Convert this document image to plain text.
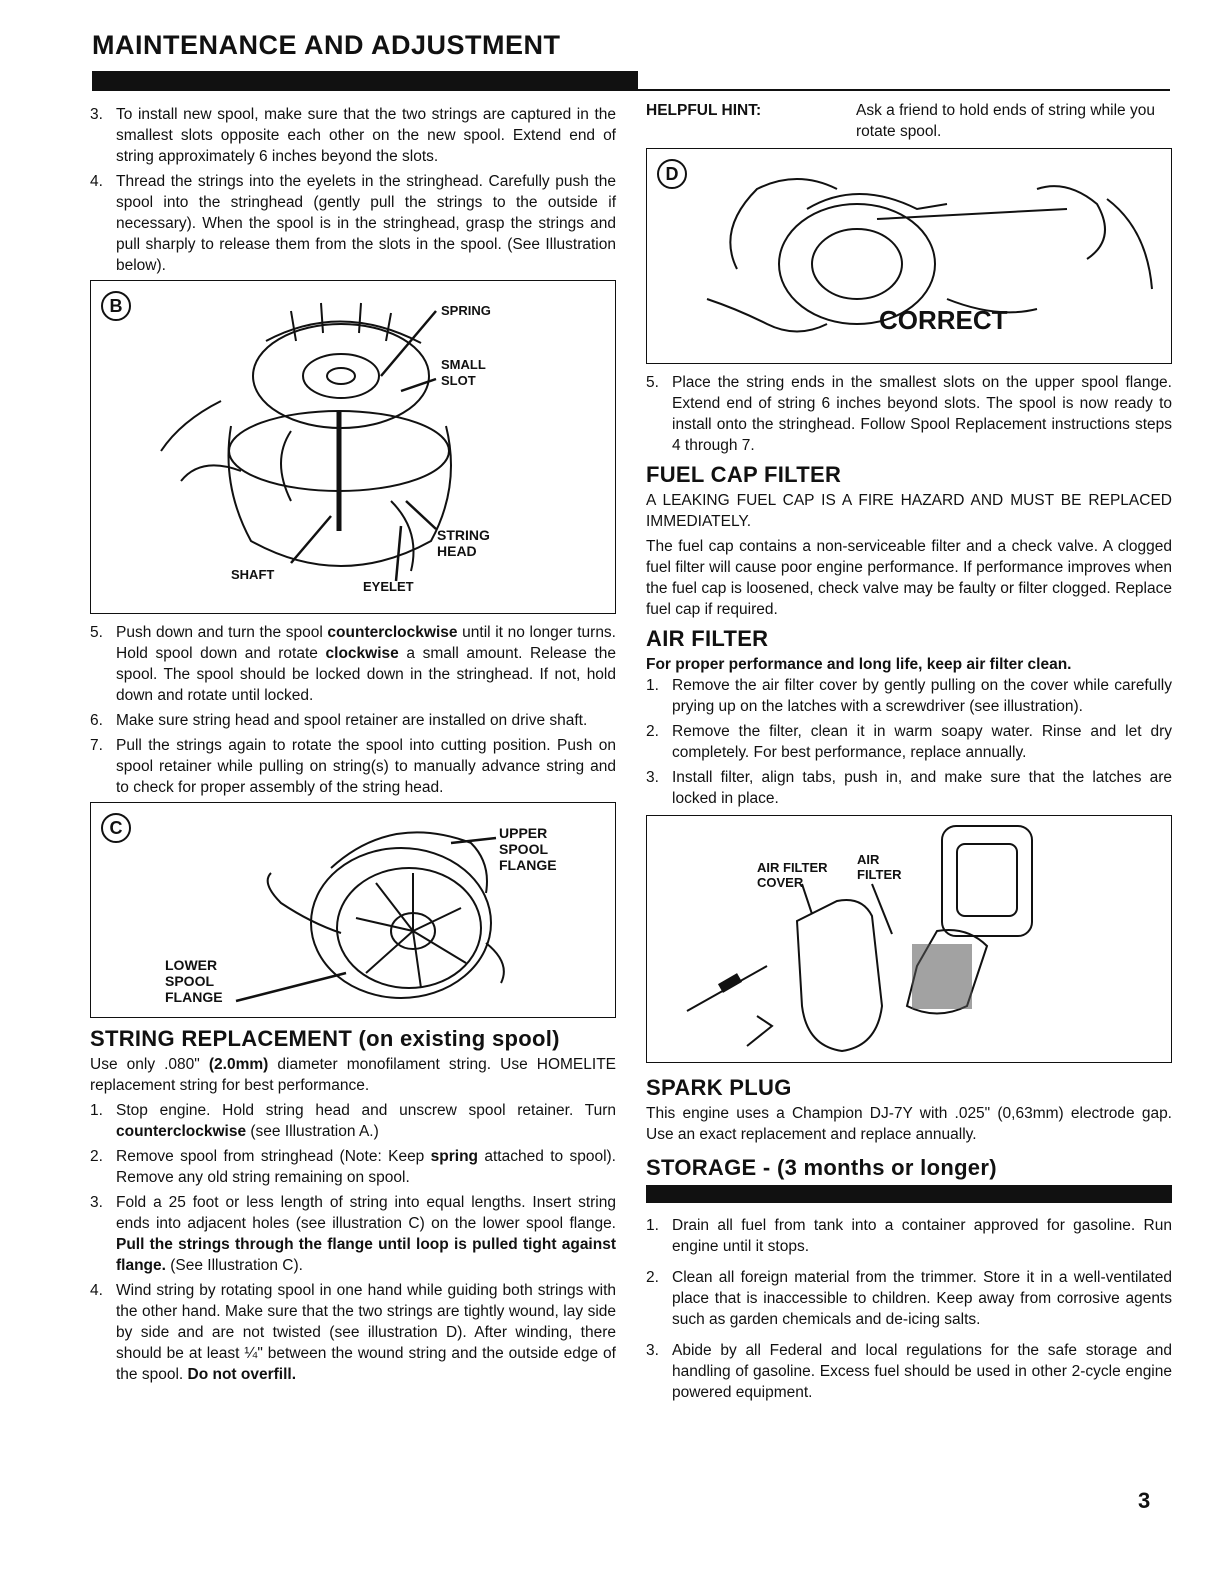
MAINTENANCE AND ADJUSTMENT
3. To install new spool, make sure that the two strings are captured in the smallest slots opposite each other on the new spool. Extend end of string approximately 6 inches beyond the slots.
4. Thread the strings into the eyelets in the stringhead. Carefully push the spool into the stringhead (gently pull the strings to the outside if necessary). When the spool is in the stringhead, grasp the strings and pull sharply to release them from the slots in the spool. (See Illustration below).
B	SPRING
SMALL
SLOT
STRING
HEAD
SHAFT
EYELET
5. Push down and turn the spool counterclockwise until it no longer turns. Hold spool down and rotate clockwise a small amount. Release the spool. The spool should be locked down in the stringhead. If not, hold down and rotate until locked.
6. Make sure string head and spool retainer are installed on drive shaft.
7. Pull the strings again to rotate the spool into cutting position. Push on spool retainer while pulling on string(s) to manually advance string and to check for proper assembly of the string head.
C	UPPER
SPOOL
FLANGE
LOWER
SPOOL
FLANGE
STRING REPLACEMENT (on existing spool)
Use only .080" (2.0mm) diameter monofilament string. Use HOMELITE replacement string for best performance.
1. Stop engine. Hold string head and unscrew spool retainer. Turn counterclockwise (see Illustration A.)
2. Remove spool from stringhead (Note: Keep spring attached to spool). Remove any old string remaining on spool.
3. Fold a 25 foot or less length of string into equal lengths. Insert string ends into adjacent holes (see illustration C) on the lower spool flange. Pull the strings through the flange until loop is pulled tight against flange. (See Illustration C).
4. Wind string by rotating spool in one hand while guiding both strings with the other hand. Make sure that the two strings are tightly wound, lay side by side and are not twisted (see illustration D). After winding, there should be at least ¼" between the wound string and the outside edge of the spool. Do not overfill.
HELPFUL HINT:	Ask a friend to hold ends of string while you rotate spool.
D
CORRECT
5. Place the string ends in the smallest slots on the upper spool flange. Extend end of string 6 inches beyond slots. The spool is now ready to install onto the stringhead. Follow Spool Replacement instructions steps 4 through 7.
FUEL CAP FILTER
A LEAKING FUEL CAP IS A FIRE HAZARD AND MUST BE REPLACED IMMEDIATELY.
The fuel cap contains a non-serviceable filter and a check valve. A clogged fuel filter will cause poor engine performance. If performance improves when the fuel cap is loosened, check valve may be faulty or filter clogged. Replace fuel cap if required.
AIR FILTER
For proper performance and long life, keep air filter clean.
1. Remove the air filter cover by gently pulling on the cover while carefully prying up on the latches with a screwdriver (see illustration).
2. Remove the filter, clean it in warm soapy water. Rinse and let dry completely. For best performance, replace annually.
3. Install filter, align tabs, push in, and make sure that the latches are locked in place.
AIR FILTER
COVER
AIR
FILTER
SPARK PLUG
This engine uses a Champion DJ-7Y with .025" (0,63mm) electrode gap. Use an exact replacement and replace annually.
STORAGE - (3 months or longer)
1. Drain all fuel from tank into a container approved for gasoline. Run engine until it stops.
2. Clean all foreign material from the trimmer. Store it in a well-ventilated place that is inaccessible to children. Keep away from corrosive agents such as garden chemicals and de-icing salts.
3. Abide by all Federal and local regulations for the safe storage and handling of gasoline. Excess fuel should be used in other 2-cycle engine powered equipment.
3
